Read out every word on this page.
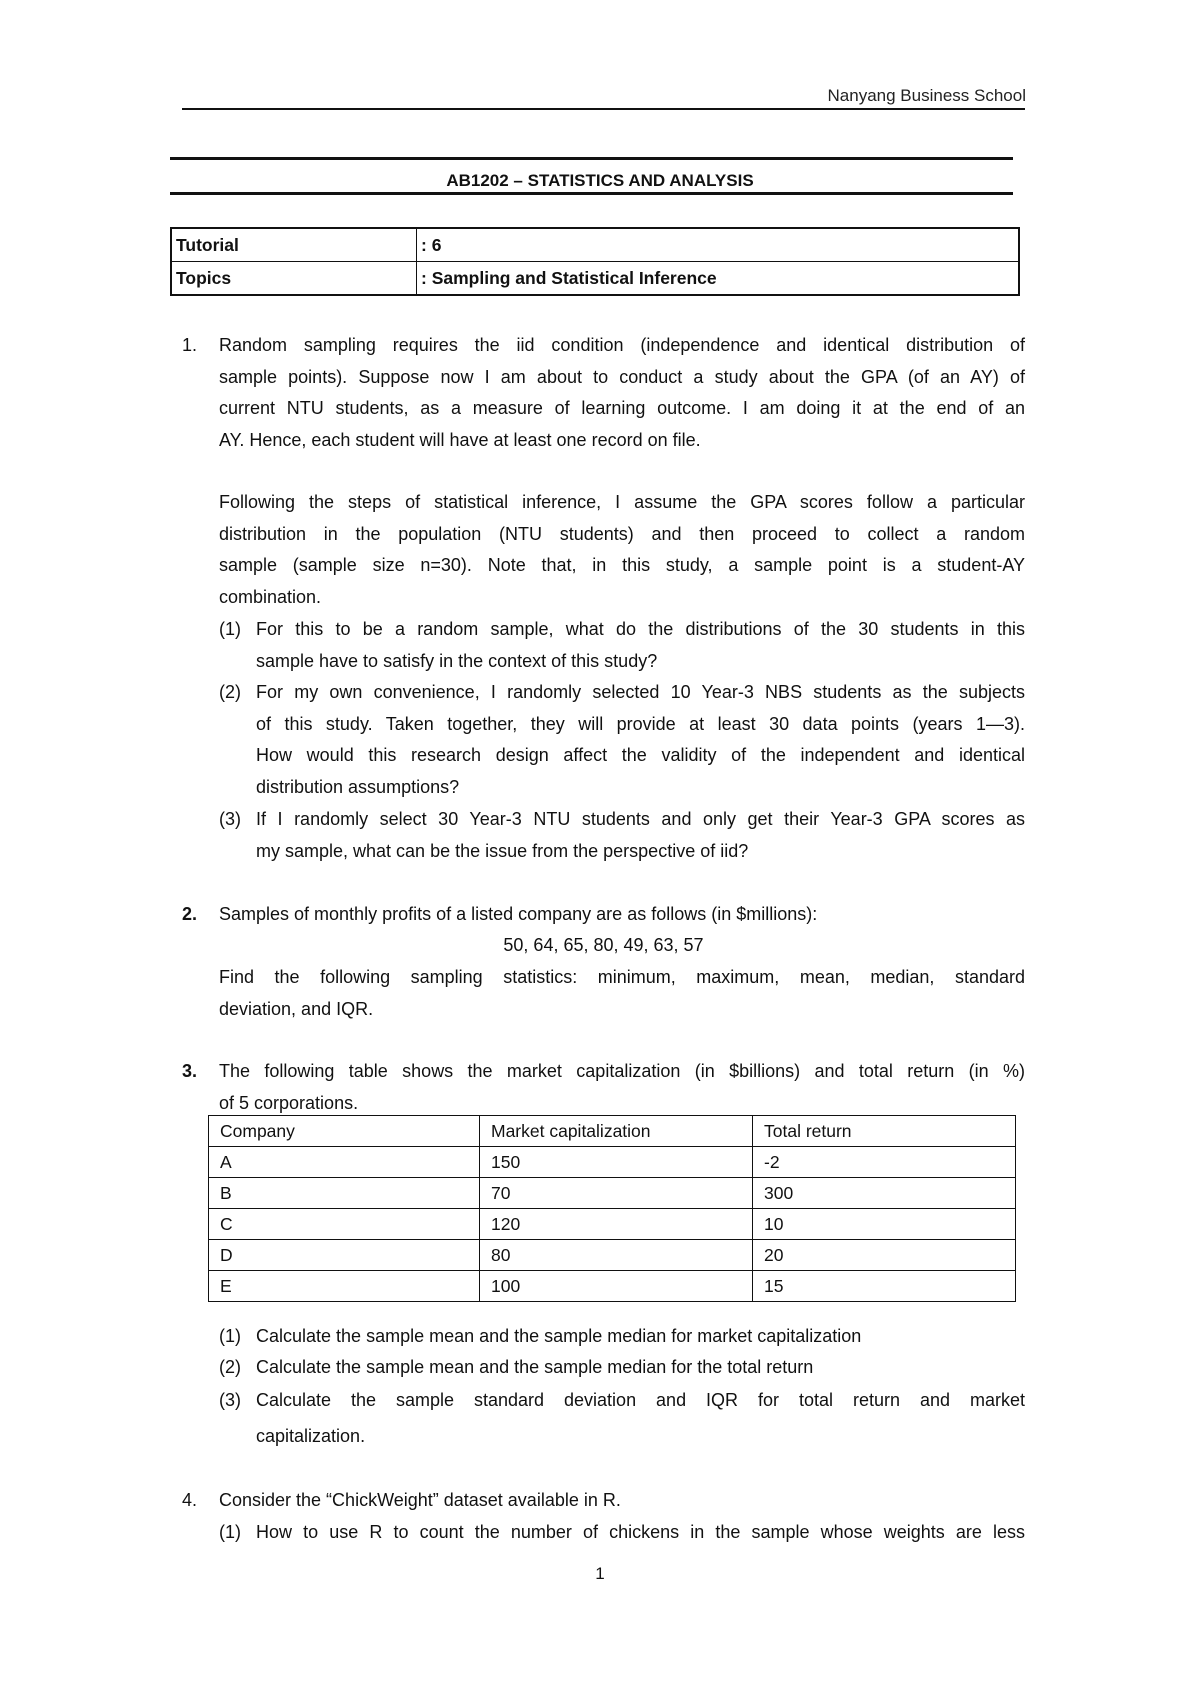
Nanyang Business School
AB1202 – STATISTICS AND ANALYSIS
Tutorial	: 6
Topics	: Sampling and Statistical Inference
1. Random sampling requires the iid condition (independence and identical distribution of
sample points). Suppose now I am about to conduct a study about the GPA (of an AY) of
current NTU students, as a measure of learning outcome. I am doing it at the end of an
AY. Hence, each student will have at least one record on file.
Following the steps of statistical inference, I assume the GPA scores follow a particular
distribution in the population (NTU students) and then proceed to collect a random
sample (sample size n=30). Note that, in this study, a sample point is a student-AY
combination.
(1) For this to be a random sample, what do the distributions of the 30 students in this
sample have to satisfy in the context of this study?
(2) For my own convenience, I randomly selected 10 Year-3 NBS students as the subjects
of this study. Taken together, they will provide at least 30 data points (years 1—3).
How would this research design affect the validity of the independent and identical
distribution assumptions?
(3) If I randomly select 30 Year-3 NTU students and only get their Year-3 GPA scores as
my sample, what can be the issue from the perspective of iid?
2. Samples of monthly profits of a listed company are as follows (in $millions):
50, 64, 65, 80, 49, 63, 57
Find the following sampling statistics: minimum, maximum, mean, median, standard
deviation, and IQR.
3. The following table shows the market capitalization (in $billions) and total return (in %)
of 5 corporations.
Company	Market capitalization	Total return
A	150	-2
B	70	300
C	120	10
D	80	20
E	100	15
(1) Calculate the sample mean and the sample median for market capitalization
(2) Calculate the sample mean and the sample median for the total return
(3) Calculate the sample standard deviation and IQR for total return and market
capitalization.
4. Consider the “ChickWeight” dataset available in R.
(1) How to use R to count the number of chickens in the sample whose weights are less
1
